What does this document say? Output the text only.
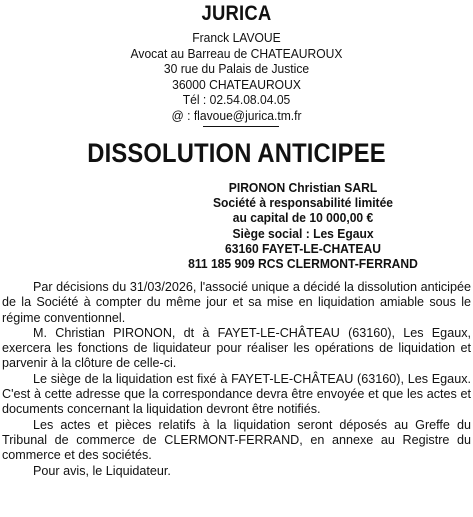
JURICA
Franck LAVOUE
Avocat au Barreau de CHATEAUROUX
30 rue du Palais de Justice
36000 CHATEAUROUX
Tél : 02.54.08.04.05
@ : flavoue@jurica.tm.fr
DISSOLUTION ANTICIPEE
PIRONON Christian SARL
Société à responsabilité limitée
au capital de 10 000,00 €
Siège social : Les Egaux
63160 FAYET-LE-CHATEAU
811 185 909 RCS CLERMONT-FERRAND

Par décisions du 31/03/2026, l'associé unique a décidé la dissolution anticipée de la Société à compter du même jour et sa mise en liquidation amiable sous le régime conventionnel.

M. Christian PIRONON, dt à FAYET-LE-CHÂTEAU (63160), Les Egaux, exercera les fonctions de liquidateur pour réaliser les opérations de liquidation et parvenir à la clôture de celle-ci.

Le siège de la liquidation est fixé à FAYET-LE-CHÂTEAU (63160), Les Egaux. C'est à cette adresse que la correspondance devra être envoyée et que les actes et documents concernant la liquidation devront être notifiés.

Les actes et pièces relatifs à la liquidation seront déposés au Greffe du Tribunal de commerce de CLERMONT-FERRAND, en annexe au Registre du commerce et des sociétés.

Pour avis, le Liquidateur.
